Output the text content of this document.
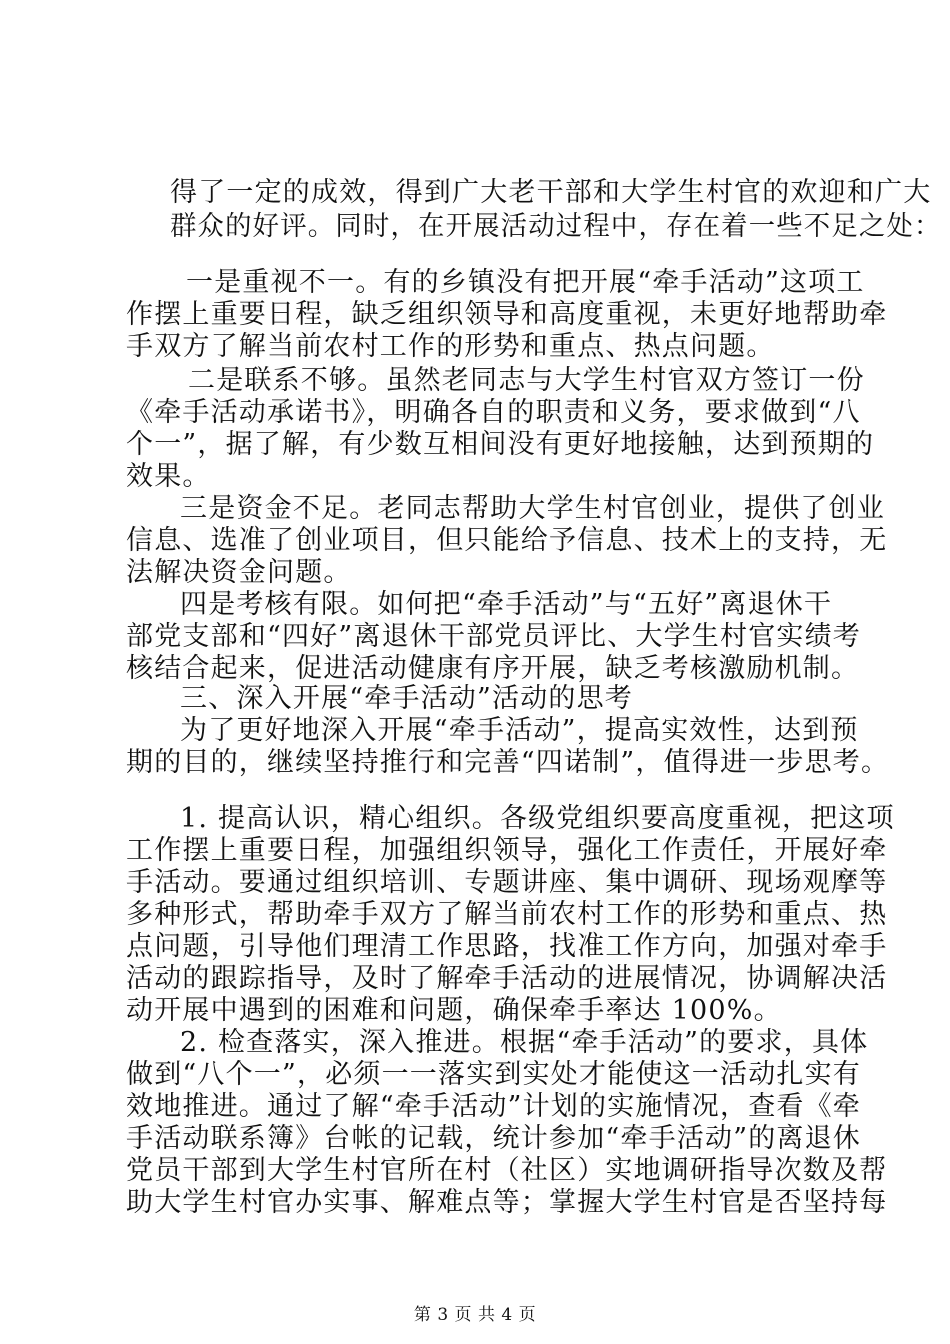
得了一定的成效，得到广大老干部和大学生村官的欢迎和广大
群众的好评。同时，在开展活动过程中，存在着一些不足之处：
一是重视不一。有的乡镇没有把开展“牵手活动”这项工
作摆上重要日程，缺乏组织领导和高度重视，未更好地帮助牵
手双方了解当前农村工作的形势和重点、热点问题。
二是联系不够。虽然老同志与大学生村官双方签订一份
《牵手活动承诺书》，明确各自的职责和义务，要求做到“八
个一”，据了解，有少数互相间没有更好地接触，达到预期的
效果。
三是资金不足。老同志帮助大学生村官创业，提供了创业
信息、选准了创业项目，但只能给予信息、技术上的支持，无
法解决资金问题。
四是考核有限。如何把“牵手活动”与“五好”离退休干
部党支部和“四好”离退休干部党员评比、大学生村官实绩考
核结合起来，促进活动健康有序开展，缺乏考核激励机制。
三、深入开展“牵手活动”活动的思考
为了更好地深入开展“牵手活动”，提高实效性，达到预
期的目的，继续坚持推行和完善“四诺制”，值得进一步思考。
1. 提高认识，精心组织。各级党组织要高度重视，把这项
工作摆上重要日程，加强组织领导，强化工作责任，开展好牵
手活动。要通过组织培训、专题讲座、集中调研、现场观摩等
多种形式，帮助牵手双方了解当前农村工作的形势和重点、热
点问题，引导他们理清工作思路，找准工作方向，加强对牵手
活动的跟踪指导，及时了解牵手活动的进展情况，协调解决活
动开展中遇到的困难和问题，确保牵手率达 100%。
2. 检查落实，深入推进。根据“牵手活动”的要求，具体
做到“八个一”，必须一一落实到实处才能使这一活动扎实有
效地推进。通过了解“牵手活动”计划的实施情况，查看《牵
手活动联系簿》台帐的记载，统计参加“牵手活动”的离退休
党员干部到大学生村官所在村（社区）实地调研指导次数及帮
助大学生村官办实事、解难点等；掌握大学生村官是否坚持每
第 3 页 共 4 页
